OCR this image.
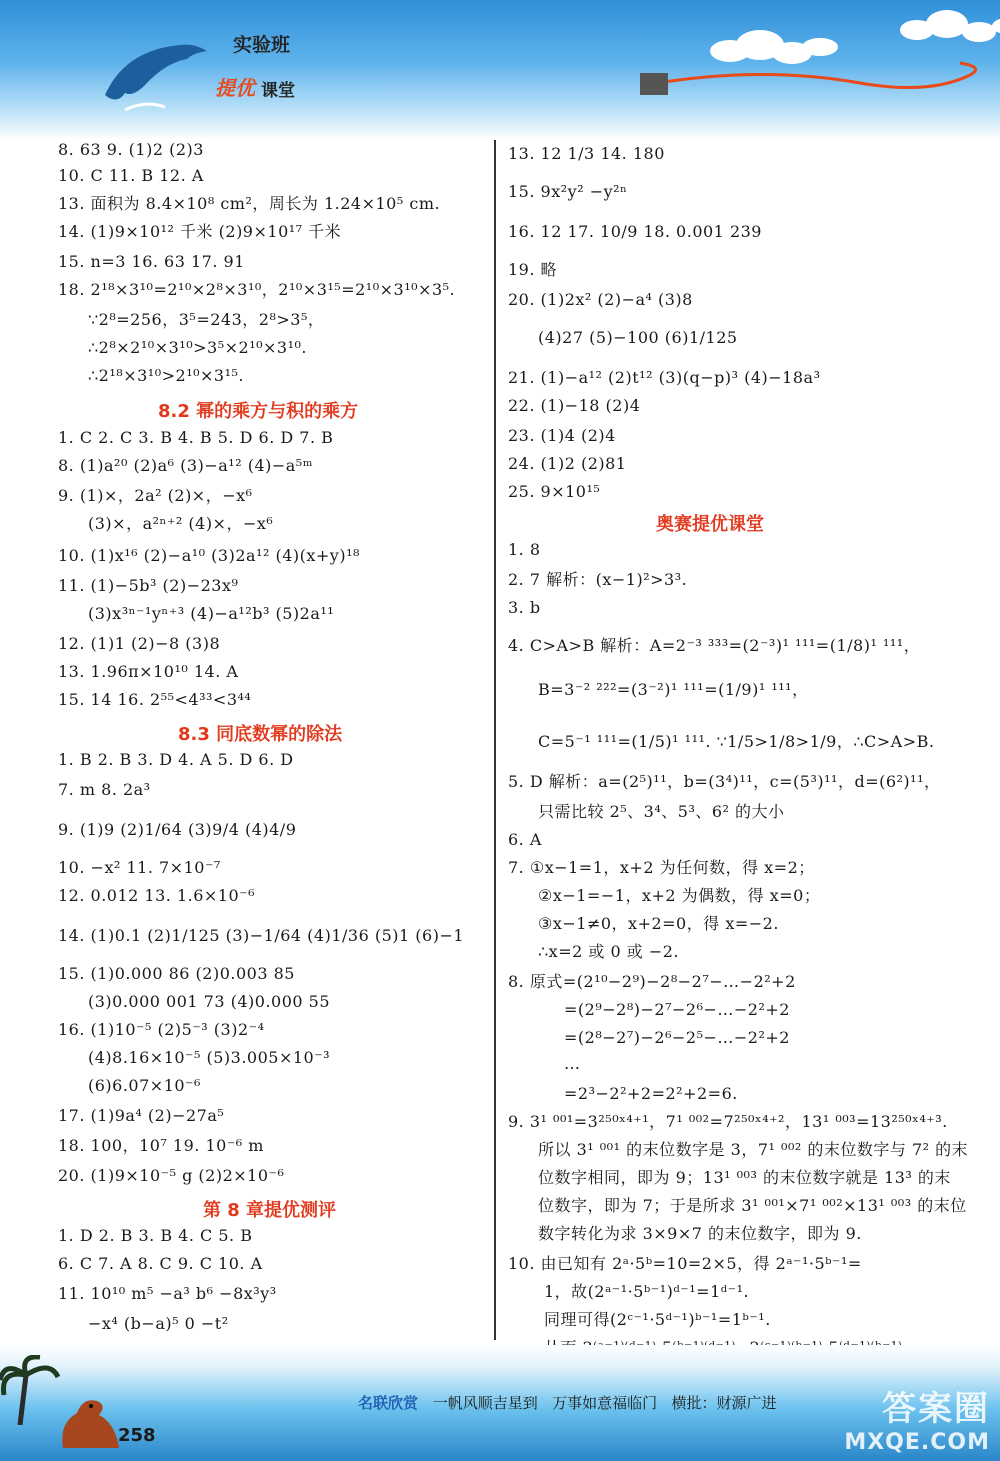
实验班
提优 课堂
8. 63 9. (1)2 (2)3
10. C 11. B 12. A
13. 面积为 8.4×10⁸ cm²，周长为 1.24×10⁵ cm.
14. (1)9×10¹² 千米 (2)9×10¹⁷ 千米
15. n=3 16. 63 17. 91
18. 2¹⁸×3¹⁰=2¹⁰×2⁸×3¹⁰，2¹⁰×3¹⁵=2¹⁰×3¹⁰×3⁵.
∵2⁸=256，3⁵=243，2⁸>3⁵，
∴2⁸×2¹⁰×3¹⁰>3⁵×2¹⁰×3¹⁰.
∴2¹⁸×3¹⁰>2¹⁰×3¹⁵.
8.2 幂的乘方与积的乘方
1. C 2. C 3. B 4. B 5. D 6. D 7. B
8. (1)a²⁰ (2)a⁶ (3)−a¹² (4)−a⁵ᵐ
9. (1)×，2a² (2)×，−x⁶
(3)×，a²ⁿ⁺² (4)×，−x⁶
10. (1)x¹⁶ (2)−a¹⁰ (3)2a¹² (4)(x+y)¹⁸
11. (1)−5b³ (2)−23x⁹
(3)x³ⁿ⁻¹yⁿ⁺³ (4)−a¹²b³ (5)2a¹¹
12. (1)1 (2)−8 (3)8
13. 1.96π×10¹⁰ 14. A
15. 14 16. 2⁵⁵<4³³<3⁴⁴
8.3 同底数幂的除法
1. B 2. B 3. D 4. A 5. D 6. D
7. m 8. 2a³
9. (1)9 (2)1/64 (3)9/4 (4)4/9
10. −x² 11. 7×10⁻⁷
12. 0.012 13. 1.6×10⁻⁶
14. (1)0.1 (2)1/125 (3)−1/64 (4)1/36 (5)1 (6)−1
15. (1)0.000 86 (2)0.003 85
(3)0.000 001 73 (4)0.000 55
16. (1)10⁻⁵ (2)5⁻³ (3)2⁻⁴
(4)8.16×10⁻⁵ (5)3.005×10⁻³
(6)6.07×10⁻⁶
17. (1)9a⁴ (2)−27a⁵
18. 100，10⁷ 19. 10⁻⁶ m
20. (1)9×10⁻⁵ g (2)2×10⁻⁶
第 8 章提优测评
1. D 2. B 3. B 4. C 5. B
6. C 7. A 8. C 9. C 10. A
11. 10¹⁰ m⁵ −a³ b⁶ −8x³y³
−x⁴ (b−a)⁵ 0 −t²
13. 12 1/3 14. 180
15. 9x²y² −y²ⁿ
16. 12 17. 10/9 18. 0.001 239
19. 略
20. (1)2x² (2)−a⁴ (3)8
(4)27 (5)−100 (6)1/125
21. (1)−a¹² (2)t¹² (3)(q−p)³ (4)−18a³
22. (1)−18 (2)4
23. (1)4 (2)4
24. (1)2 (2)81
25. 9×10¹⁵
奥赛提优课堂
1. 8
2. 7 解析：(x−1)²>3³.
3. b
4. C>A>B 解析：A=2⁻³ ³³³=(2⁻³)¹ ¹¹¹=(1/8)¹ ¹¹¹，
B=3⁻² ²²²=(3⁻²)¹ ¹¹¹=(1/9)¹ ¹¹¹，
C=5⁻¹ ¹¹¹=(1/5)¹ ¹¹¹. ∵1/5>1/8>1/9，∴C>A>B.
5. D 解析：a=(2⁵)¹¹，b=(3⁴)¹¹，c=(5³)¹¹，d=(6²)¹¹，
只需比较 2⁵、3⁴、5³、6² 的大小
6. A
7. ①x−1=1，x+2 为任何数，得 x=2；
②x−1=−1，x+2 为偶数，得 x=0；
③x−1≠0，x+2=0，得 x=−2.
∴x=2 或 0 或 −2.
8. 原式=(2¹⁰−2⁹)−2⁸−2⁷−…−2²+2
=(2⁹−2⁸)−2⁷−2⁶−…−2²+2
=(2⁸−2⁷)−2⁶−2⁵−…−2²+2
…
=2³−2²+2=2²+2=6.
9. 3¹ ⁰⁰¹=3²⁵⁰ˣ⁴⁺¹，7¹ ⁰⁰²=7²⁵⁰ˣ⁴⁺²，13¹ ⁰⁰³=13²⁵⁰ˣ⁴⁺³.
所以 3¹ ⁰⁰¹ 的末位数字是 3，7¹ ⁰⁰² 的末位数字与 7² 的末
位数字相同，即为 9；13¹ ⁰⁰³ 的末位数字就是 13³ 的末
位数字，即为 7；于是所求 3¹ ⁰⁰¹×7¹ ⁰⁰²×13¹ ⁰⁰³ 的末位
数字转化为求 3×9×7 的末位数字，即为 9.
10. 由已知有 2ᵃ·5ᵇ=10=2×5，得 2ᵃ⁻¹·5ᵇ⁻¹=
1，故(2ᵃ⁻¹·5ᵇ⁻¹)ᵈ⁻¹=1ᵈ⁻¹.
同理可得(2ᶜ⁻¹·5ᵈ⁻¹)ᵇ⁻¹=1ᵇ⁻¹.
258
名联欣赏 一帆风顺吉星到 万事如意福临门 横批：财源广进	答案圈
MXQE.COM
